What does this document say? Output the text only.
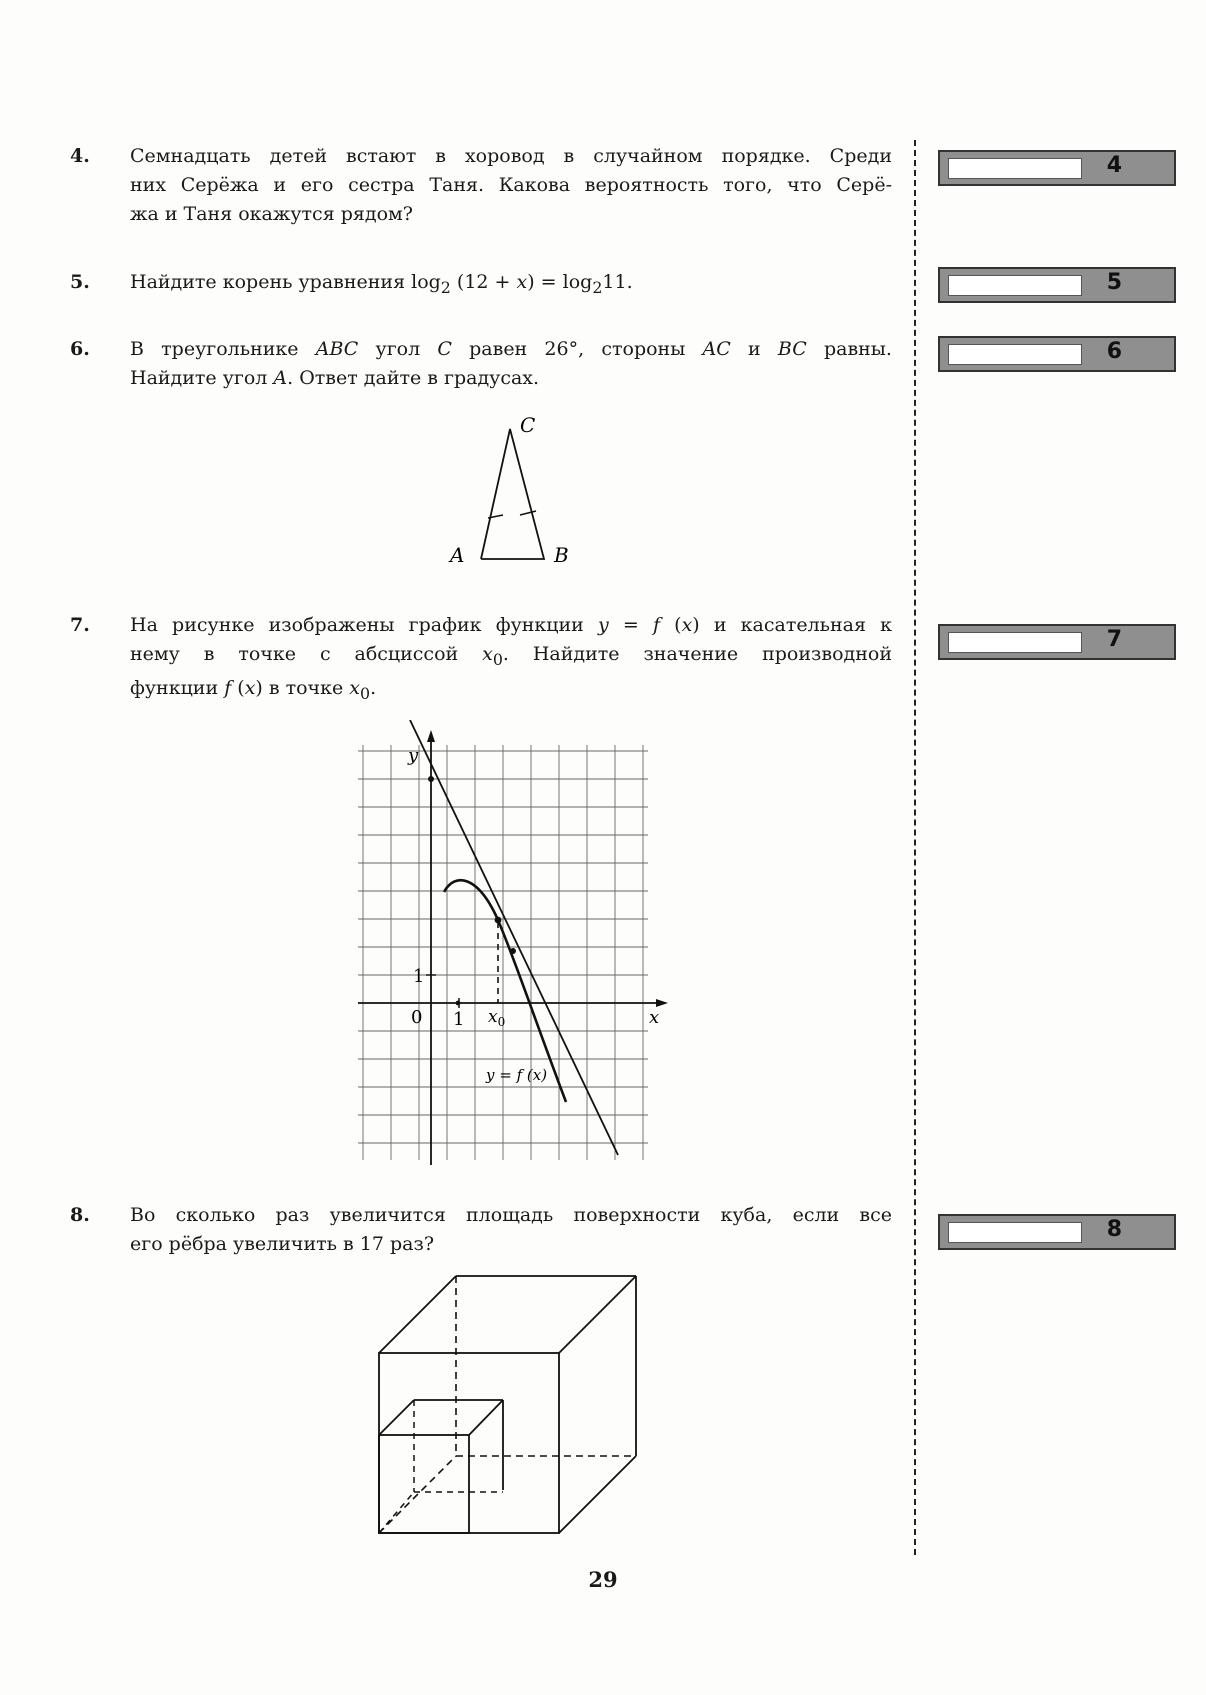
4. Семнадцать детей встают в хоровод в случайном порядке. Среди
них Серёжа и его сестра Таня. Какова вероятность того, что Серё-
жа и Таня окажутся рядом?
5. Найдите корень уравнения $\log_2 (12 + x) = \log_211$.
6. В треугольнике ABC угол C равен 26°, стороны AC и BC равны.
Найдите угол A. Ответ дайте в градусах.
C
A	B
7. На рисунке изображены график функции y = f (x) и касательная к
нему в точке с абсциссой $x_0$. Найдите значение производной
функции f (x) в точке $x_0$.
y
x
0 1
1
$x_0$
y = f (x)
8. Во сколько раз увеличится площадь поверхности куба, если все
его рёбра увеличить в 17 раз?
4
5
6
7
8
29
